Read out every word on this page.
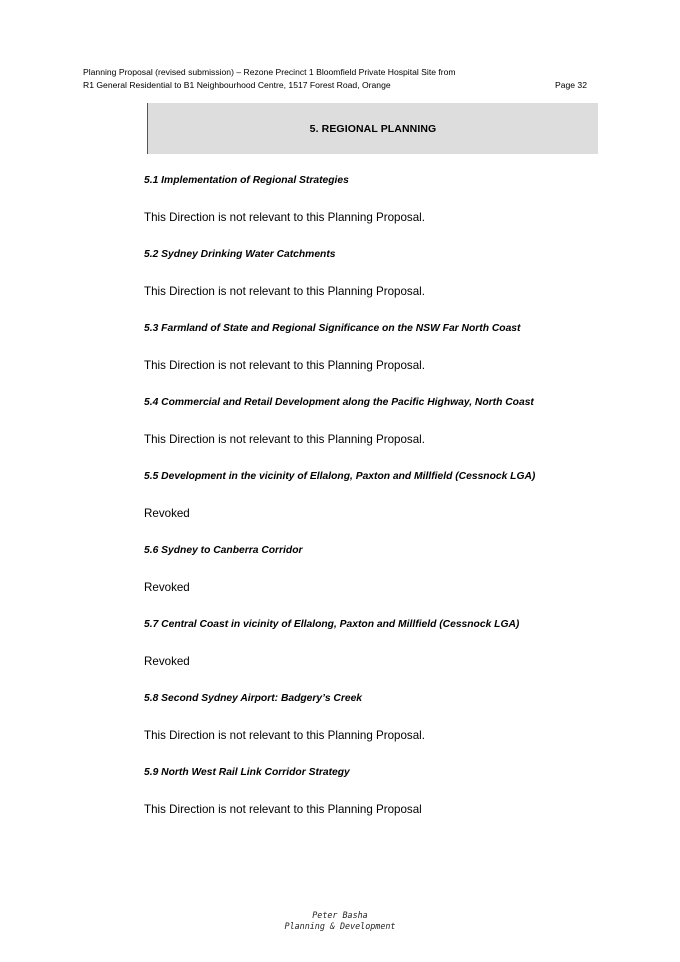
Planning Proposal (revised submission) – Rezone Precinct 1 Bloomfield Private Hospital Site from
R1 General Residential to B1 Neighbourhood Centre, 1517 Forest Road, Orange	Page 32
5. REGIONAL PLANNING
5.1 Implementation of Regional Strategies
This Direction is not relevant to this Planning Proposal.
5.2 Sydney Drinking Water Catchments
This Direction is not relevant to this Planning Proposal.
5.3 Farmland of State and Regional Significance on the NSW Far North Coast
This Direction is not relevant to this Planning Proposal.
5.4 Commercial and Retail Development along the Pacific Highway, North Coast
This Direction is not relevant to this Planning Proposal.
5.5 Development in the vicinity of Ellalong, Paxton and Millfield (Cessnock LGA)
Revoked
5.6 Sydney to Canberra Corridor
Revoked
5.7 Central Coast in vicinity of Ellalong, Paxton and Millfield (Cessnock LGA)
Revoked
5.8 Second Sydney Airport: Badgery’s Creek
This Direction is not relevant to this Planning Proposal.
5.9 North West Rail Link Corridor Strategy
This Direction is not relevant to this Planning Proposal
Peter Basha
Planning & Development
